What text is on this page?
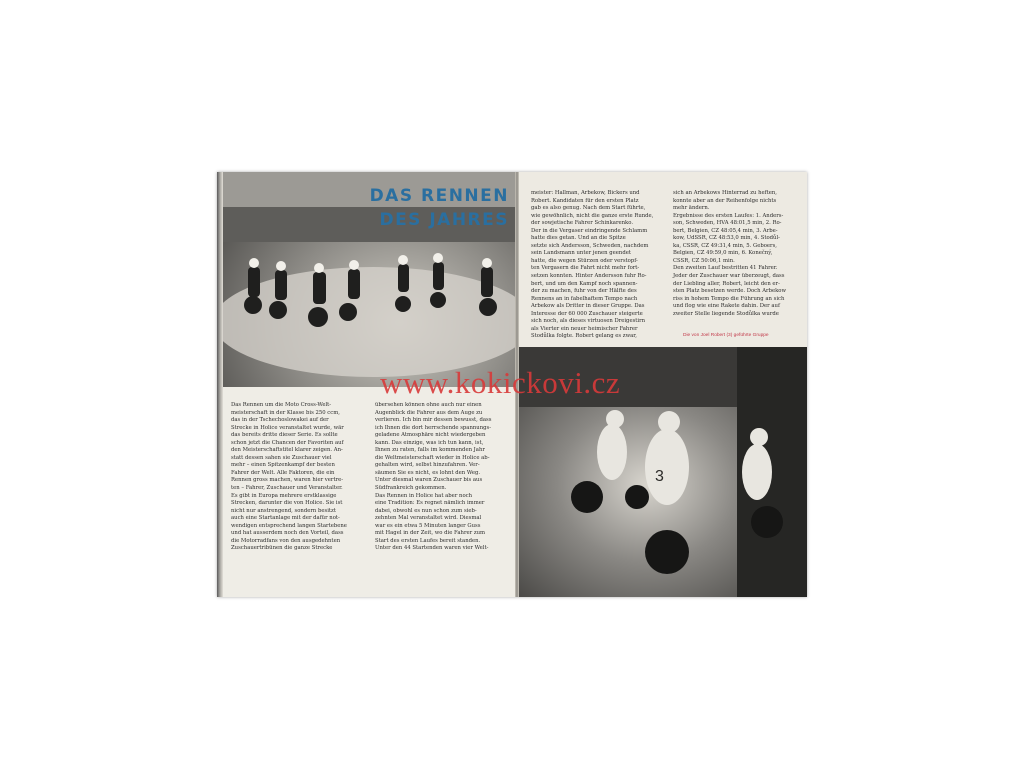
DAS RENNEN
DES JAHRES
Das Rennen um die Moto Cross-Welt-
meisterschaft in der Klasse bis 250 ccm,
das in der Tschechoslowakei auf der
Strecke in Holice veranstaltet wurde, wär
das bereits dritte dieser Serie. Es sollte
schon jetzt die Chancen der Favoriten auf
den Meisterschaftstitel klarer zeigen. An-
statt dessen sahen sie Zuschauer viel
mehr – einen Spitzenkampf der besten
Fahrer der Welt. Alle Faktoren, die ein
Rennen gross machen, waren hier vertre-
ten – Fahrer, Zuschauer und Veranstalter.
Es gibt in Europa mehrere erstklassige
Strecken, darunter die von Holice. Sie ist
nicht nur anstrengend, sondern besitzt
auch eine Startanlage mit der dafür not-
wendigen entsprechend langen Startebene
und hat ausserdem noch den Vorteil, dass
die Motorradfans von den ausgedehnten
Zuschauertribünen die ganze Strecke
übersehen können ohne auch nur einen
Augenblick die Fahrer aus dem Auge zu
verlieren. Ich bin mir dessen bewusst, dass
ich Ihnen die dort herrschende spannungs-
geladene Atmosphäre nicht wiedergeben
kann. Das einzige, was ich tun kann, ist,
Ihnen zu raten, falls im kommenden Jahr
die Weltmeisterschaft wieder in Holice ab-
gehalten wird, selbst hinzufahren. Ver-
säumen Sie es nicht, es lohnt den Weg.
Unter diesmal waren Zuschauer bis aus
Südfrankreich gekommen.
Das Rennen in Holice hat aber noch
eine Tradition: Es regnet nämlich immer
dabei, obwohl es nun schon zum sieb-
zehnten Mal veranstaltet wird. Diesmal
war es ein etwa 5 Minuten langer Guss
mit Hagel in der Zeit, wo die Fahrer zum
Start des ersten Laufes bereit standen.
Unter den 44 Startenden waren vier Welt-
meister: Hallman, Arbekow, Bickers und
Robert. Kandidaten für den ersten Platz
gab es also genug. Nach dem Start führte,
wie gewöhnlich, nicht die ganze erste Runde,
der sowjetische Fahrer Schinkarenko.
Der in die Vergaser eindringende Schlamm
hatte dies getan. Und an die Spitze
setzte sich Andersson, Schweden, nachdem
sein Landsmann unter jenen geendet
hatte, die wegen Stürzen oder verstopf-
ten Vergasern die Fahrt nicht mehr fort-
setzen konnten. Hinter Andersson fuhr Ro-
bert, und um den Kampf noch spannen-
der zu machen, fuhr von der Hälfte des
Rennens an in fabelhaftem Tempo nach
Arbekow als Dritter in dieser Gruppe. Das
Interesse der 60 000 Zuschauer steigerte
sich noch, als dieses virtuosen Dreigestirn
als Vierter ein neuer heimischer Fahrer
Stodůlka folgte. Robert gelang es zwar,
sich an Arbekows Hinterrad zu heften,
konnte aber an der Reihenfolge nichts
mehr ändern.
Ergebnisse des ersten Laufes: 1. Anders-
son, Schweden, HVA 48:01,5 min, 2. Ro-
bert, Belgien, CZ 48:05,4 min, 3. Arbe-
kow, UdSSR, CZ 48:53,0 min, 4. Stodůl-
ka, CSSR, CZ 49:31,4 min, 5. Geboers,
Belgien, CZ 49:59,0 min, 6. Konečný,
CSSR, CZ 50:06,1 min.
Den zweiten Lauf bestritten 41 Fahrer.
Jeder der Zuschauer war überzeugt, dass
der Liebling aller, Robert, leicht den er-
sten Platz besetzen werde. Doch Arbekow
riss in hohem Tempo die Führung an sich
und flog wie eine Rakete dahin. Der auf
zweiter Stelle liegende Stodůlka wurde
Die von Joel Robert (3) geführte Gruppe
3
www.kokickovi.cz
